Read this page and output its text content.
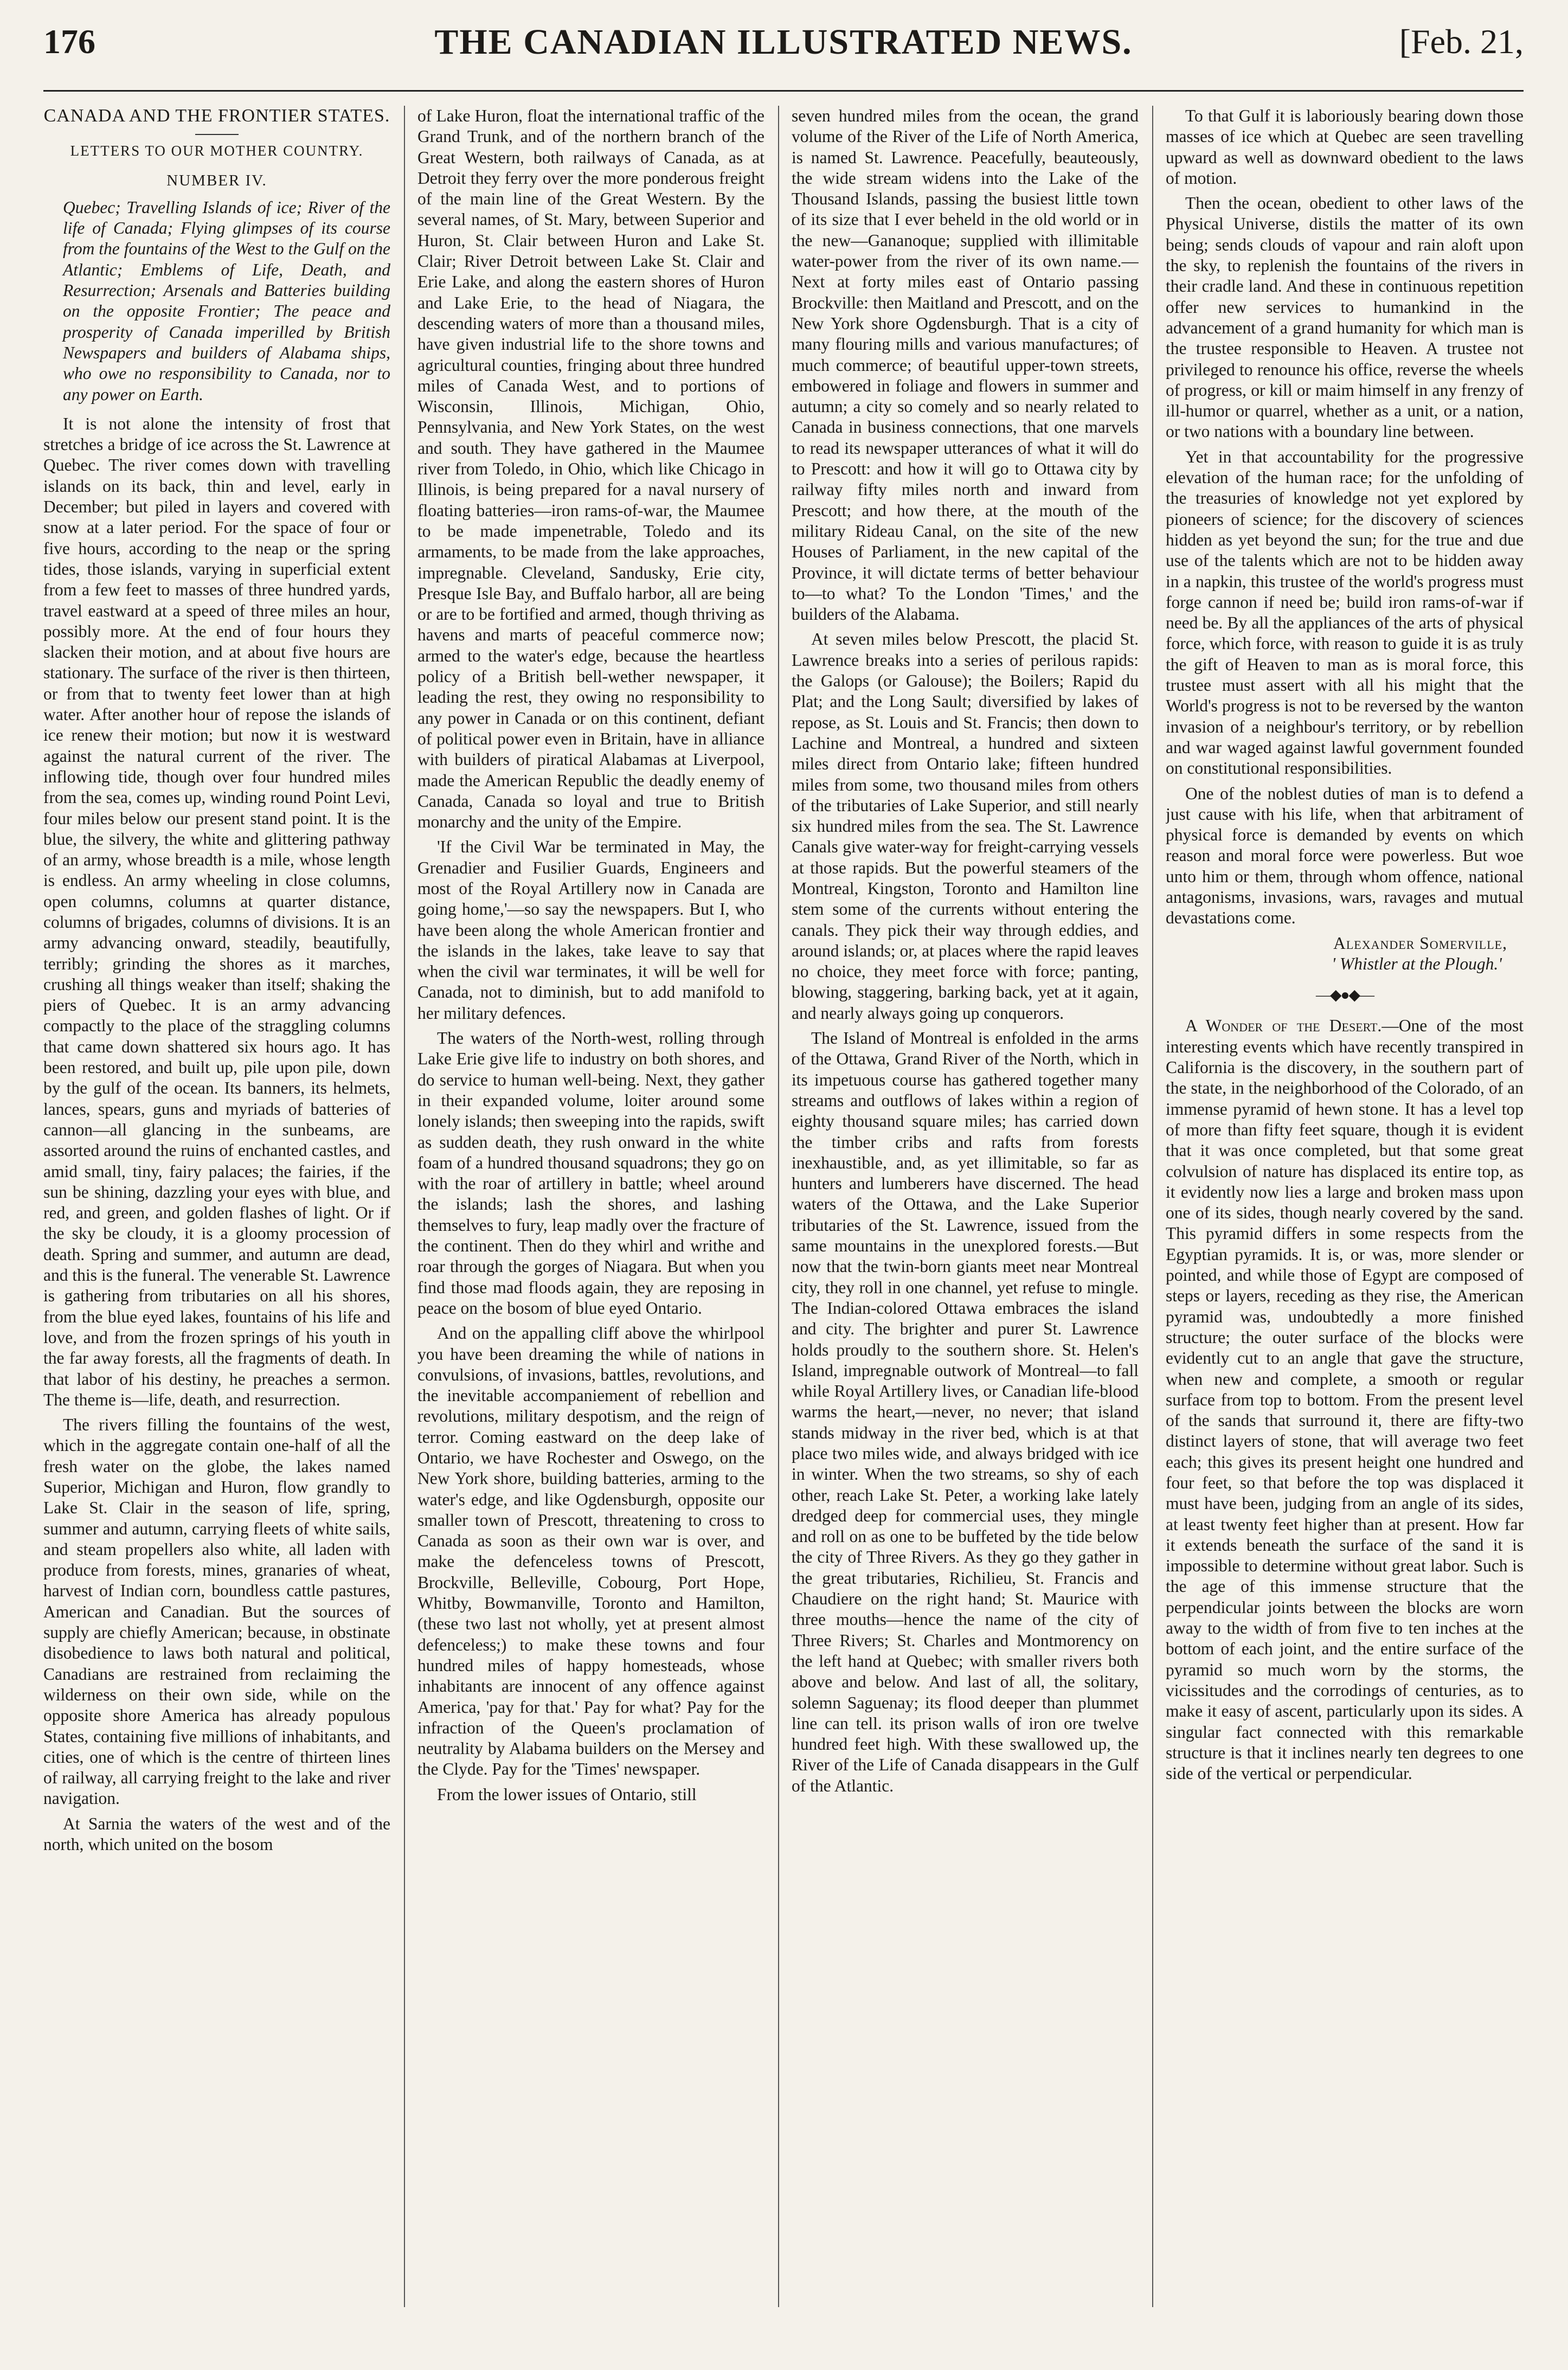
176	THE CANADIAN ILLUSTRATED NEWS.	[Feb. 21,
CANADA AND THE FRONTIER STATES.
LETTERS TO OUR MOTHER COUNTRY.
NUMBER IV.

Quebec; Travelling Islands of ice; River of the life of Canada; Flying glimpses of its course from the fountains of the West to the Gulf on the Atlantic; Emblems of Life, Death, and Resurrection; Arsenals and Batteries building on the opposite Frontier; The peace and prosperity of Canada imperilled by British Newspapers and builders of Alabama ships, who owe no responsibility to Canada, nor to any power on Earth.

It is not alone the intensity of frost that stretches a bridge of ice across the St. Lawrence at Quebec. The river comes down with travelling islands on its back, thin and level, early in December; but piled in layers and covered with snow at a later period. For the space of four or five hours, according to the neap or the spring tides, those islands, varying in superficial extent from a few feet to masses of three hundred yards, travel eastward at a speed of three miles an hour, possibly more. At the end of four hours they slacken their motion, and at about five hours are stationary. The surface of the river is then thirteen, or from that to twenty feet lower than at high water. After another hour of repose the islands of ice renew their motion; but now it is westward against the natural current of the river. The inflowing tide, though over four hundred miles from the sea, comes up, winding round Point Levi, four miles below our present stand point. It is the blue, the silvery, the white and glittering pathway of an army, whose breadth is a mile, whose length is endless. An army wheeling in close columns, open columns, columns at quarter distance, columns of brigades, columns of divisions. It is an army advancing onward, steadily, beautifully, terribly; grinding the shores as it marches, crushing all things weaker than itself; shaking the piers of Quebec. It is an army advancing compactly to the place of the straggling columns that came down shattered six hours ago. It has been restored, and built up, pile upon pile, down by the gulf of the ocean. Its banners, its helmets, lances, spears, guns and myriads of batteries of cannon—all glancing in the sunbeams, are assorted around the ruins of enchanted castles, and amid small, tiny, fairy palaces; the fairies, if the sun be shining, dazzling your eyes with blue, and red, and green, and golden flashes of light. Or if the sky be cloudy, it is a gloomy procession of death. Spring and summer, and autumn are dead, and this is the funeral. The venerable St. Lawrence is gathering from tributaries on all his shores, from the blue eyed lakes, fountains of his life and love, and from the frozen springs of his youth in the far away forests, all the fragments of death. In that labor of his destiny, he preaches a sermon. The theme is—life, death, and resurrection.

The rivers filling the fountains of the west, which in the aggregate contain one-half of all the fresh water on the globe, the lakes named Superior, Michigan and Huron, flow grandly to Lake St. Clair in the season of life, spring, summer and autumn, carrying fleets of white sails, and steam propellers also white, all laden with produce from forests, mines, granaries of wheat, harvest of Indian corn, boundless cattle pastures, American and Canadian. But the sources of supply are chiefly American; because, in obstinate disobedience to laws both natural and political, Canadians are restrained from reclaiming the wilderness on their own side, while on the opposite shore America has already populous States, containing five millions of inhabitants, and cities, one of which is the centre of thirteen lines of railway, all carrying freight to the lake and river navigation.

At Sarnia the waters of the west and of the north, which united on the bosom

of Lake Huron, float the international traffic of the Grand Trunk, and of the northern branch of the Great Western, both railways of Canada, as at Detroit they ferry over the more ponderous freight of the main line of the Great Western. By the several names, of St. Mary, between Superior and Huron, St. Clair between Huron and Lake St. Clair; River Detroit between Lake St. Clair and Erie Lake, and along the eastern shores of Huron and Lake Erie, to the head of Niagara, the descending waters of more than a thousand miles, have given industrial life to the shore towns and agricultural counties, fringing about three hundred miles of Canada West, and to portions of Wisconsin, Illinois, Michigan, Ohio, Pennsylvania, and New York States, on the west and south. They have gathered in the Maumee river from Toledo, in Ohio, which like Chicago in Illinois, is being prepared for a naval nursery of floating batteries—iron rams-of-war, the Maumee to be made impenetrable, Toledo and its armaments, to be made from the lake approaches, impregnable. Cleveland, Sandusky, Erie city, Presque Isle Bay, and Buffalo harbor, all are being or are to be fortified and armed, though thriving as havens and marts of peaceful commerce now; armed to the water's edge, because the heartless policy of a British bell-wether newspaper, it leading the rest, they owing no responsibility to any power in Canada or on this continent, defiant of political power even in Britain, have in alliance with builders of piratical Alabamas at Liverpool, made the American Republic the deadly enemy of Canada, Canada so loyal and true to British monarchy and the unity of the Empire.

'If the Civil War be terminated in May, the Grenadier and Fusilier Guards, Engineers and most of the Royal Artillery now in Canada are going home,'—so say the newspapers. But I, who have been along the whole American frontier and the islands in the lakes, take leave to say that when the civil war terminates, it will be well for Canada, not to diminish, but to add manifold to her military defences.

The waters of the North-west, rolling through Lake Erie give life to industry on both shores, and do service to human well-being. Next, they gather in their expanded volume, loiter around some lonely islands; then sweeping into the rapids, swift as sudden death, they rush onward in the white foam of a hundred thousand squadrons; they go on with the roar of artillery in battle; wheel around the islands; lash the shores, and lashing themselves to fury, leap madly over the fracture of the continent. Then do they whirl and writhe and roar through the gorges of Niagara. But when you find those mad floods again, they are reposing in peace on the bosom of blue eyed Ontario.

And on the appalling cliff above the whirlpool you have been dreaming the while of nations in convulsions, of invasions, battles, revolutions, and the inevitable accompaniement of rebellion and revolutions, military despotism, and the reign of terror. Coming eastward on the deep lake of Ontario, we have Rochester and Oswego, on the New York shore, building batteries, arming to the water's edge, and like Ogdensburgh, opposite our smaller town of Prescott, threatening to cross to Canada as soon as their own war is over, and make the defenceless towns of Prescott, Brockville, Belleville, Cobourg, Port Hope, Whitby, Bowmanville, Toronto and Hamilton, (these two last not wholly, yet at present almost defenceless;) to make these towns and four hundred miles of happy homesteads, whose inhabitants are innocent of any offence against America, 'pay for that.' Pay for what? Pay for the infraction of the Queen's proclamation of neutrality by Alabama builders on the Mersey and the Clyde. Pay for the 'Times' newspaper.

From the lower issues of Ontario, still

seven hundred miles from the ocean, the grand volume of the River of the Life of North America, is named St. Lawrence. Peacefully, beauteously, the wide stream widens into the Lake of the Thousand Islands, passing the busiest little town of its size that I ever beheld in the old world or in the new—Gananoque; supplied with illimitable water-power from the river of its own name.—Next at forty miles east of Ontario passing Brockville: then Maitland and Prescott, and on the New York shore Ogdensburgh. That is a city of many flouring mills and various manufactures; of much commerce; of beautiful upper-town streets, embowered in foliage and flowers in summer and autumn; a city so comely and so nearly related to Canada in business connections, that one marvels to read its newspaper utterances of what it will do to Prescott: and how it will go to Ottawa city by railway fifty miles north and inward from Prescott; and how there, at the mouth of the military Rideau Canal, on the site of the new Houses of Parliament, in the new capital of the Province, it will dictate terms of better behaviour to—to what? To the London 'Times,' and the builders of the Alabama.

At seven miles below Prescott, the placid St. Lawrence breaks into a series of perilous rapids: the Galops (or Galouse); the Boilers; Rapid du Plat; and the Long Sault; diversified by lakes of repose, as St. Louis and St. Francis; then down to Lachine and Montreal, a hundred and sixteen miles direct from Ontario lake; fifteen hundred miles from some, two thousand miles from others of the tributaries of Lake Superior, and still nearly six hundred miles from the sea. The St. Lawrence Canals give water-way for freight-carrying vessels at those rapids. But the powerful steamers of the Montreal, Kingston, Toronto and Hamilton line stem some of the currents without entering the canals. They pick their way through eddies, and around islands; or, at places where the rapid leaves no choice, they meet force with force; panting, blowing, staggering, barking back, yet at it again, and nearly always going up conquerors.

The Island of Montreal is enfolded in the arms of the Ottawa, Grand River of the North, which in its impetuous course has gathered together many streams and outflows of lakes within a region of eighty thousand square miles; has carried down the timber cribs and rafts from forests inexhaustible, and, as yet illimitable, so far as hunters and lumberers have discerned. The head waters of the Ottawa, and the Lake Superior tributaries of the St. Lawrence, issued from the same mountains in the unexplored forests.—But now that the twin-born giants meet near Montreal city, they roll in one channel, yet refuse to mingle. The Indian-colored Ottawa embraces the island and city. The brighter and purer St. Lawrence holds proudly to the southern shore. St. Helen's Island, impregnable outwork of Montreal—to fall while Royal Artillery lives, or Canadian life-blood warms the heart,—never, no never; that island stands midway in the river bed, which is at that place two miles wide, and always bridged with ice in winter. When the two streams, so shy of each other, reach Lake St. Peter, a working lake lately dredged deep for commercial uses, they mingle and roll on as one to be buffeted by the tide below the city of Three Rivers. As they go they gather in the great tributaries, Richilieu, St. Francis and Chaudiere on the right hand; St. Maurice with three mouths—hence the name of the city of Three Rivers; St. Charles and Montmorency on the left hand at Quebec; with smaller rivers both above and below. And last of all, the solitary, solemn Saguenay; its flood deeper than plummet line can tell. its prison walls of iron ore twelve hundred feet high. With these swallowed up, the River of the Life of Canada disappears in the Gulf of the Atlantic.

To that Gulf it is laboriously bearing down those masses of ice which at Quebec are seen travelling upward as well as downward obedient to the laws of motion.

Then the ocean, obedient to other laws of the Physical Universe, distils the matter of its own being; sends clouds of vapour and rain aloft upon the sky, to replenish the fountains of the rivers in their cradle land. And these in continuous repetition offer new services to humankind in the advancement of a grand humanity for which man is the trustee responsible to Heaven. A trustee not privileged to renounce his office, reverse the wheels of progress, or kill or maim himself in any frenzy of ill-humor or quarrel, whether as a unit, or a nation, or two nations with a boundary line between.

Yet in that accountability for the progressive elevation of the human race; for the unfolding of the treasuries of knowledge not yet explored by pioneers of science; for the discovery of sciences hidden as yet beyond the sun; for the true and due use of the talents which are not to be hidden away in a napkin, this trustee of the world's progress must forge cannon if need be; build iron rams-of-war if need be. By all the appliances of the arts of physical force, which force, with reason to guide it is as truly the gift of Heaven to man as is moral force, this trustee must assert with all his might that the World's progress is not to be reversed by the wanton invasion of a neighbour's territory, or by rebellion and war waged against lawful government founded on constitutional responsibilities.

One of the noblest duties of man is to defend a just cause with his life, when that arbitrament of physical force is demanded by events on which reason and moral force were powerless. But woe unto him or them, through whom offence, national antagonisms, invasions, wars, ravages and mutual devastations come.

Alexander Somerville,
' Whistler at the Plough.'
—◆●◆—

A Wonder of the Desert.—One of the most interesting events which have recently transpired in California is the discovery, in the southern part of the state, in the neighborhood of the Colorado, of an immense pyramid of hewn stone. It has a level top of more than fifty feet square, though it is evident that it was once completed, but that some great colvulsion of nature has displaced its entire top, as it evidently now lies a large and broken mass upon one of its sides, though nearly covered by the sand. This pyramid differs in some respects from the Egyptian pyramids. It is, or was, more slender or pointed, and while those of Egypt are composed of steps or layers, receding as they rise, the American pyramid was, undoubtedly a more finished structure; the outer surface of the blocks were evidently cut to an angle that gave the structure, when new and complete, a smooth or regular surface from top to bottom. From the present level of the sands that surround it, there are fifty-two distinct layers of stone, that will average two feet each; this gives its present height one hundred and four feet, so that before the top was displaced it must have been, judging from an angle of its sides, at least twenty feet higher than at present. How far it extends beneath the surface of the sand it is impossible to determine without great labor. Such is the age of this immense structure that the perpendicular joints between the blocks are worn away to the width of from five to ten inches at the bottom of each joint, and the entire surface of the pyramid so much worn by the storms, the vicissitudes and the corrodings of centuries, as to make it easy of ascent, particularly upon its sides. A singular fact connected with this remarkable structure is that it inclines nearly ten degrees to one side of the vertical or perpendicular.
